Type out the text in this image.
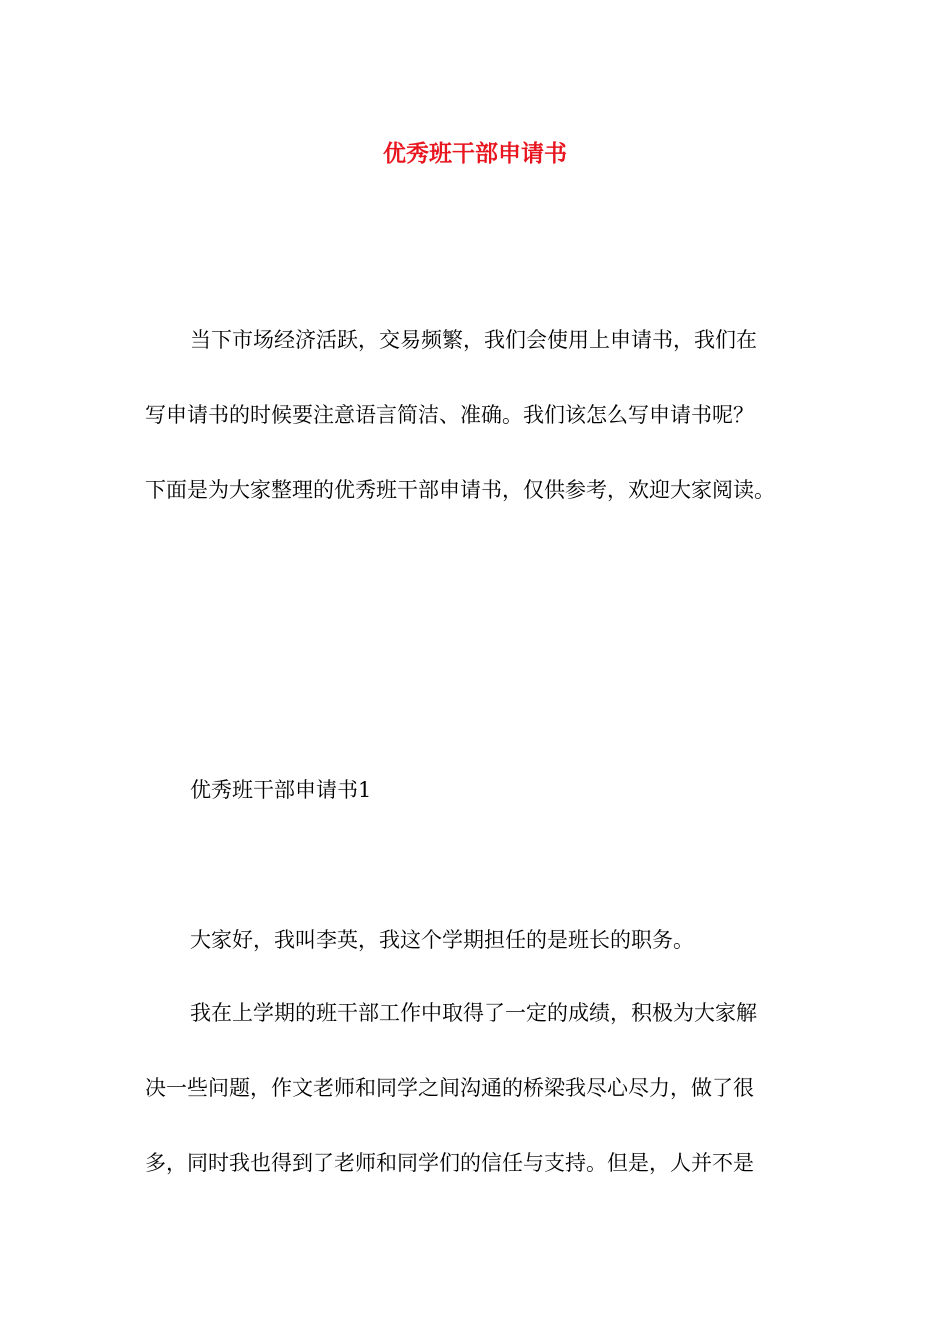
优秀班干部申请书
当下市场经济活跃，交易频繁，我们会使用上申请书，我们在
写申请书的时候要注意语言简洁、准确。我们该怎么写申请书呢？
下面是为大家整理的优秀班干部申请书，仅供参考，欢迎大家阅读。
优秀班干部申请书1
大家好，我叫李英，我这个学期担任的是班长的职务。
我在上学期的班干部工作中取得了一定的成绩，积极为大家解
决一些问题，作文老师和同学之间沟通的桥梁我尽心尽力，做了很
多，同时我也得到了老师和同学们的信任与支持。但是，人并不是
